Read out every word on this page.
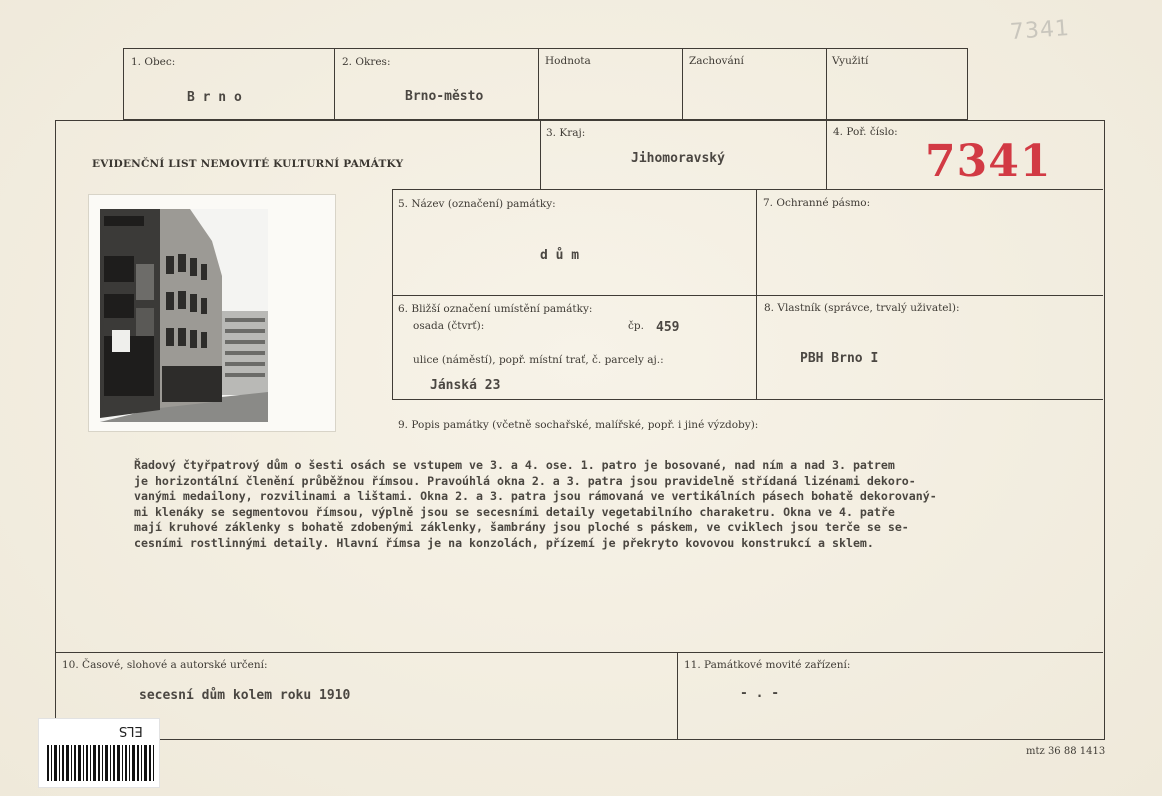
7341
1. Obec:
B r n o
2. Okres:
Brno-město
Hodnota	Zachování	Využití
EVIDENČNÍ LIST NEMOVITÉ KULTURNÍ PAMÁTKY
3. Kraj:
Jihomoravský
4. Poř. číslo:
7341
5. Název (označení) památky:
d ů m
7. Ochranné pásmo:
6. Bližší označení umístění památky:
osada (čtvrť):	čp. 459
ulice (náměstí), popř. místní trať, č. parcely aj.:
Jánská 23
8. Vlastník (správce, trvalý uživatel):
PBH Brno I
9. Popis památky (včetně sochařské, malířské, popř. i jiné výzdoby):
Řadový čtyřpatrový dům o šesti osách se vstupem ve 3. a 4. ose. 1. patro je bosované, nad ním a nad 3. patrem
je horizontální členění průběžnou římsou. Pravoúhlá okna 2. a 3. patra jsou pravidelně střídaná lizénami dekoro-
vanými medailony, rozvilinami a lištami. Okna 2. a 3. patra jsou rámovaná ve vertikálních pásech bohatě dekorovaný-
mi klenáky se segmentovou římsou, výplně jsou se secesními detaily vegetabilního charaketru. Okna ve 4. patře
mají kruhové záklenky s bohatě zdobenými záklenky, šambrány jsou ploché s páskem, ve cviklech jsou terče se se-
cesními rostlinnými detaily. Hlavní římsa je na konzolách, přízemí je překryto kovovou konstrukcí a sklem.
10. Časové, slohové a autorské určení:
secesní dům kolem roku 1910
11. Památkové movité zařízení:
- . -
ELS
mtz 36 88 1413
